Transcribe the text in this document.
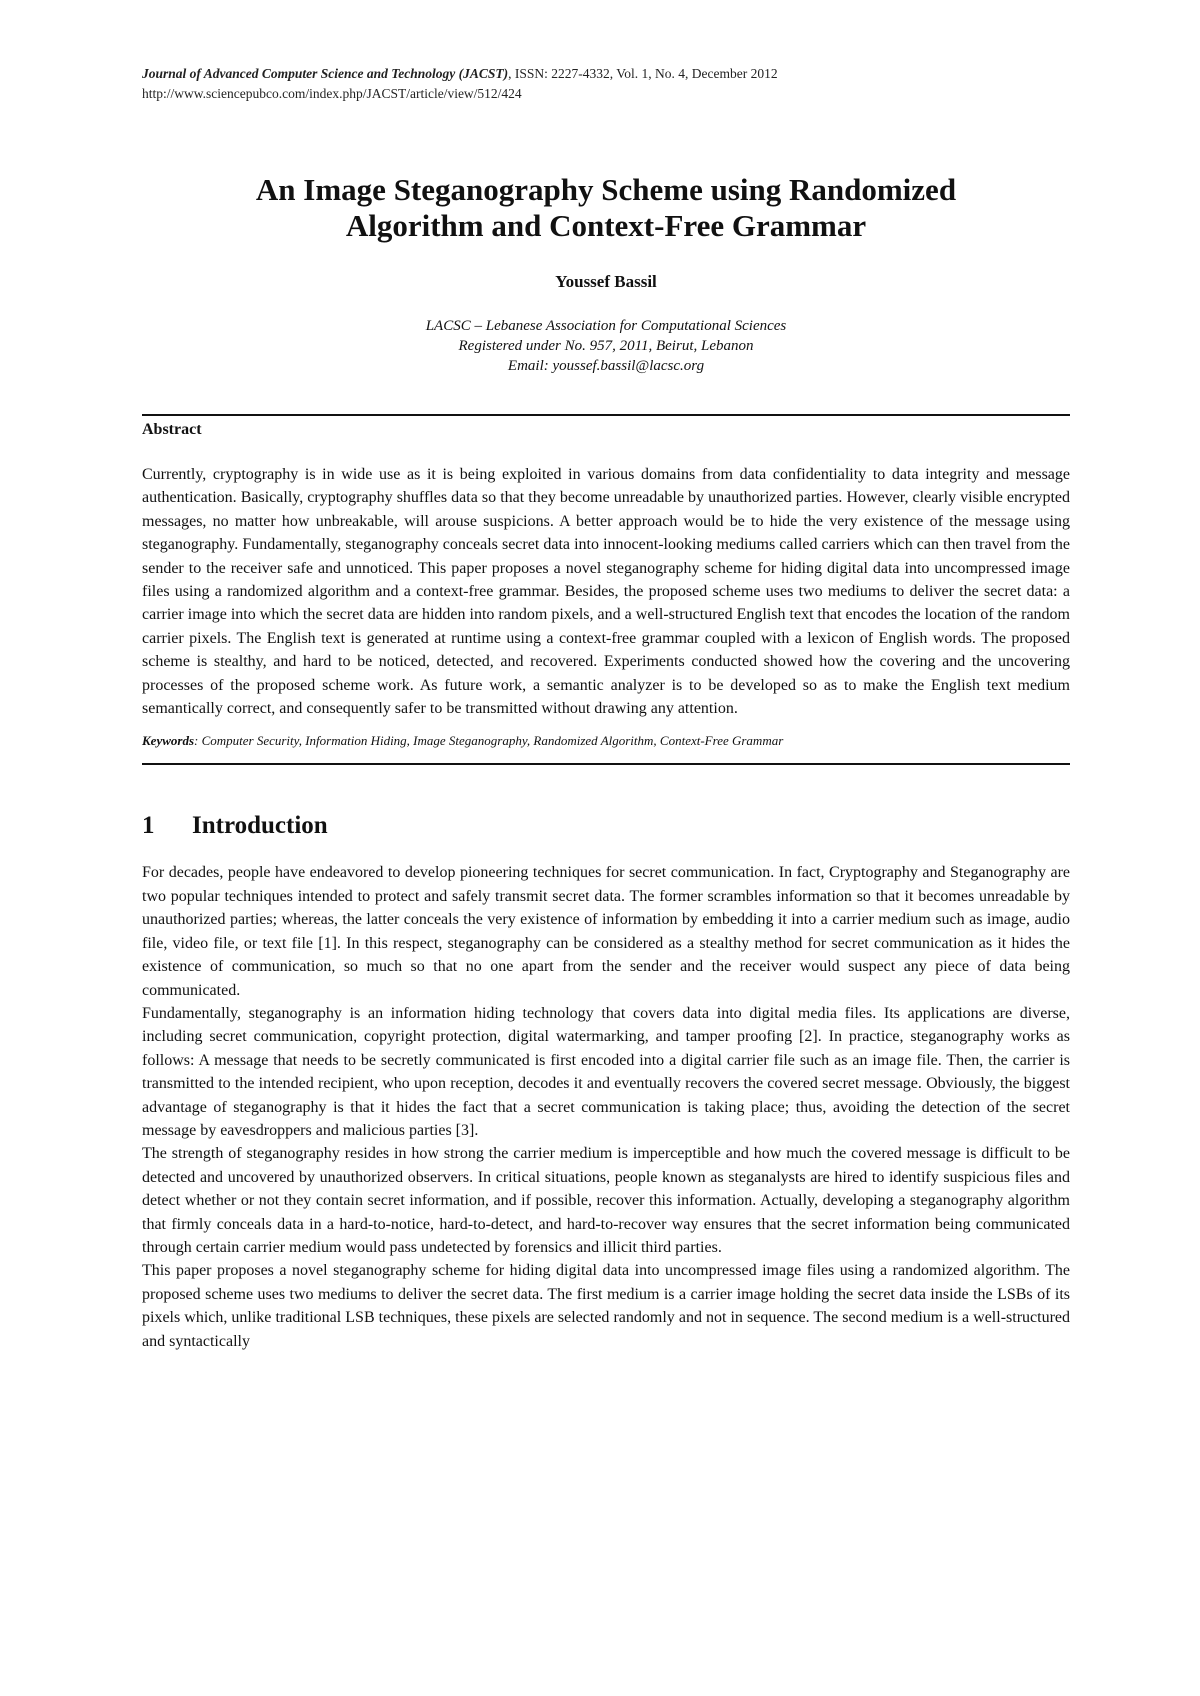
Journal of Advanced Computer Science and Technology (JACST), ISSN: 2227-4332, Vol. 1, No. 4, December 2012
http://www.sciencepubco.com/index.php/JACST/article/view/512/424
An Image Steganography Scheme using Randomized
Algorithm and Context-Free Grammar
Youssef Bassil
LACSC – Lebanese Association for Computational Sciences
Registered under No. 957, 2011, Beirut, Lebanon
Email: youssef.bassil@lacsc.org
Abstract

Currently, cryptography is in wide use as it is being exploited in various domains from data confidentiality to data integrity and message authentication. Basically, cryptography shuffles data so that they become unreadable by unauthorized parties. However, clearly visible encrypted messages, no matter how unbreakable, will arouse suspicions. A better approach would be to hide the very existence of the message using steganography. Fundamentally, steganography conceals secret data into innocent-looking mediums called carriers which can then travel from the sender to the receiver safe and unnoticed. This paper proposes a novel steganography scheme for hiding digital data into uncompressed image files using a randomized algorithm and a context-free grammar. Besides, the proposed scheme uses two mediums to deliver the secret data: a carrier image into which the secret data are hidden into random pixels, and a well-structured English text that encodes the location of the random carrier pixels. The English text is generated at runtime using a context-free grammar coupled with a lexicon of English words. The proposed scheme is stealthy, and hard to be noticed, detected, and recovered. Experiments conducted showed how the covering and the uncovering processes of the proposed scheme work. As future work, a semantic analyzer is to be developed so as to make the English text medium semantically correct, and consequently safer to be transmitted without drawing any attention.

Keywords: Computer Security, Information Hiding, Image Steganography, Randomized Algorithm, Context-Free Grammar
1	Introduction

For decades, people have endeavored to develop pioneering techniques for secret communication. In fact, Cryptography and Steganography are two popular techniques intended to protect and safely transmit secret data. The former scrambles information so that it becomes unreadable by unauthorized parties; whereas, the latter conceals the very existence of information by embedding it into a carrier medium such as image, audio file, video file, or text file [1]. In this respect, steganography can be considered as a stealthy method for secret communication as it hides the existence of communication, so much so that no one apart from the sender and the receiver would suspect any piece of data being communicated.

Fundamentally, steganography is an information hiding technology that covers data into digital media files. Its applications are diverse, including secret communication, copyright protection, digital watermarking, and tamper proofing [2]. In practice, steganography works as follows: A message that needs to be secretly communicated is first encoded into a digital carrier file such as an image file. Then, the carrier is transmitted to the intended recipient, who upon reception, decodes it and eventually recovers the covered secret message. Obviously, the biggest advantage of steganography is that it hides the fact that a secret communication is taking place; thus, avoiding the detection of the secret message by eavesdroppers and malicious parties [3].

The strength of steganography resides in how strong the carrier medium is imperceptible and how much the covered message is difficult to be detected and uncovered by unauthorized observers. In critical situations, people known as steganalysts are hired to identify suspicious files and detect whether or not they contain secret information, and if possible, recover this information. Actually, developing a steganography algorithm that firmly conceals data in a hard-to-notice, hard-to-detect, and hard-to-recover way ensures that the secret information being communicated through certain carrier medium would pass undetected by forensics and illicit third parties.

This paper proposes a novel steganography scheme for hiding digital data into uncompressed image files using a randomized algorithm. The proposed scheme uses two mediums to deliver the secret data. The first medium is a carrier image holding the secret data inside the LSBs of its pixels which, unlike traditional LSB techniques, these pixels are selected randomly and not in sequence. The second medium is a well-structured and syntactically
